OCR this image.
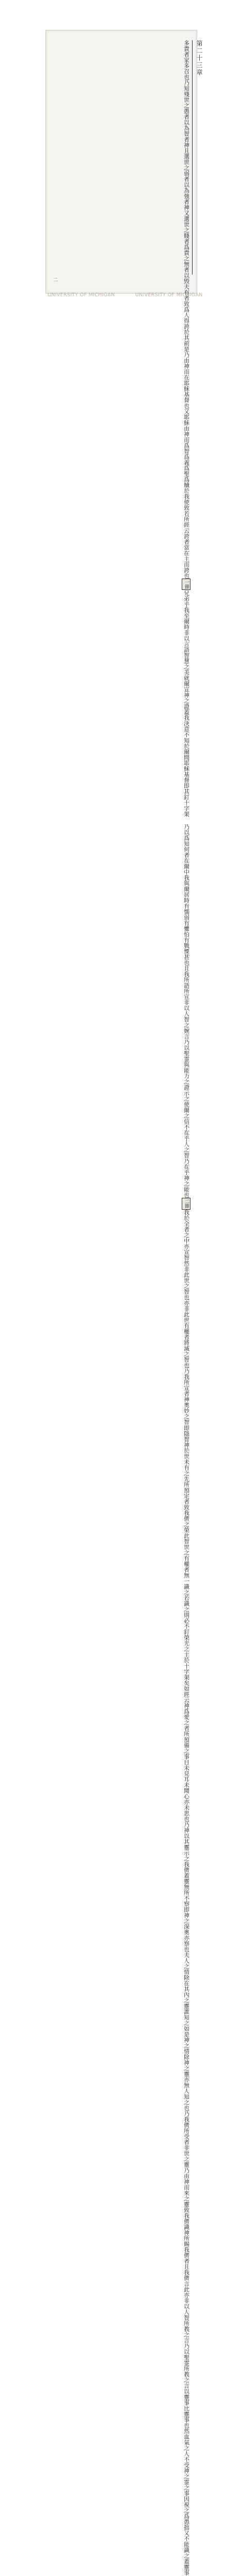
第二十三章
多貴者家多召也乃知殘世之愚者以為智者神且選世之弱者以為強者神又選世之賤者爲貴之
無者以毁夫有者致爲人得誇於其前是乃由神而在耶穌基督也又耶穌由神而爲智爲義爲聖爲贖於
我使致若所經云誇者當在主而誇也
一節兄弟乎我至爾時非以言語智慧之美就爾宣神之證蓋我決意不知於爾間耶穌基督即其釘十字架
乃以爲知何者在爾中我與爾居時有懦弱有懼怕有戰慄甚也且我所語所宣非以人智之婉言
乃以聖霊與能力之證示之使爾之信不在乎人之智乃在乎神之能也
二節我於全者之中亦宣智然非此世之智也亦非此世有權者將滅之智也乃我所宣者神奧妙之智
即隱智神於世未有之先所預定者致我儕之榮此智世之有權者無一識之若識之則必不釘榮光之
主於十字架矣如經云神爲愛之者所預備之事目未見耳未聞心亦未思也乃神以其靈示之我儕蓋靈
無所不察即神之深奧亦察也夫人之情除在其內之靈誰知之如是神之情除神之靈亦無人知之也
乃我儕所受者非世之靈乃由神而來之靈致我儕識神所賜我儕者且我儕言此亦非以人智所教之言
乃以聖霊所教之言以靈事比靈事也然血氣之人不受神之霊之事因視之爲愚拙又不能識之蓋靈事
二
UNIVERSITY OF MICHIGAN	UNIVERSITY OF MICHIGAN
